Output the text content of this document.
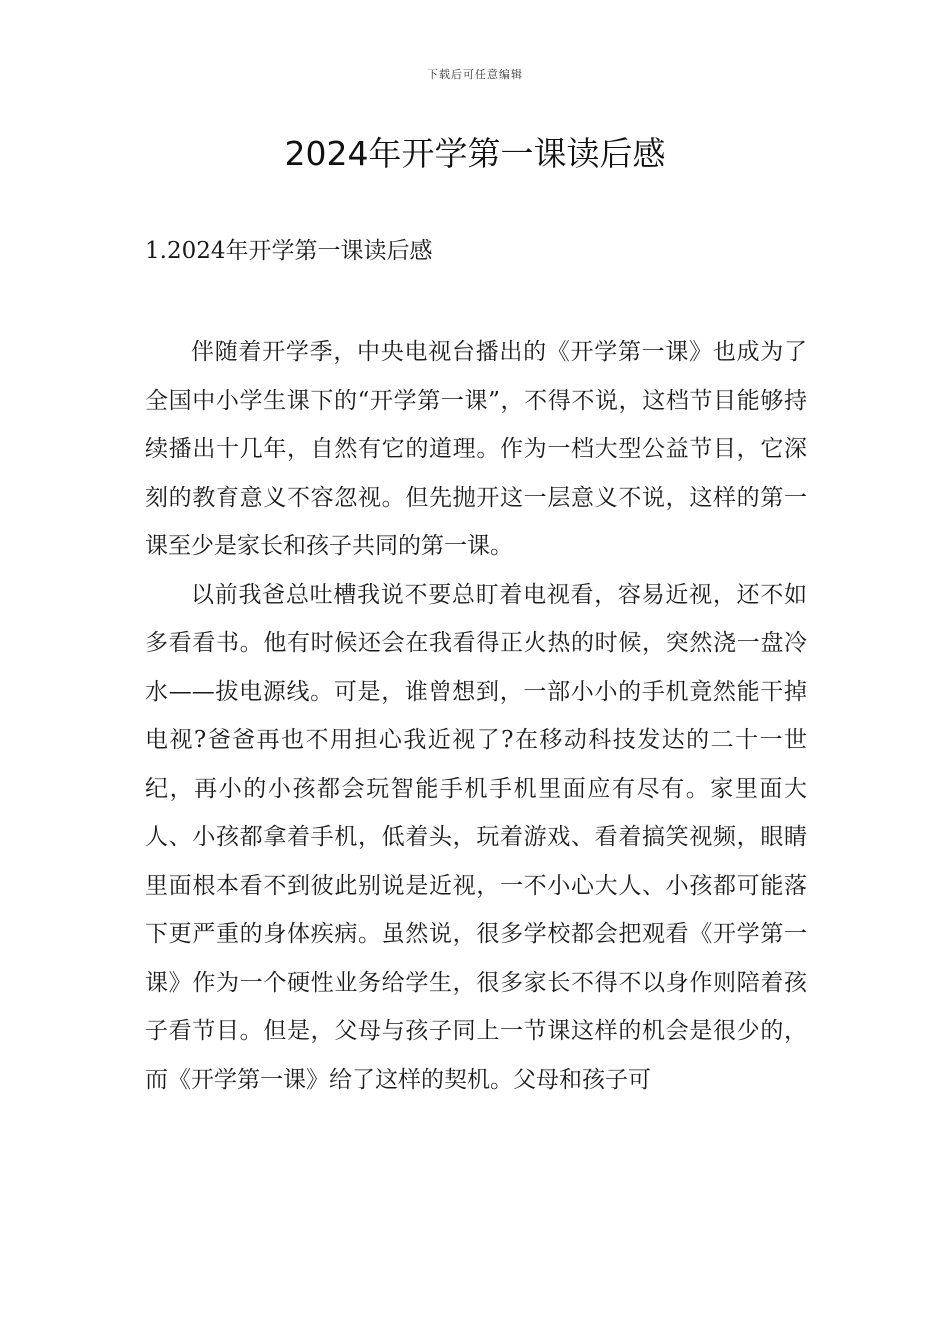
下载后可任意编辑
2024年开学第一课读后感
1.2024年开学第一课读后感

伴随着开学季，中央电视台播出的《开学第一课》也成为了全国中小学生课下的“开学第一课”，不得不说，这档节目能够持续播出十几年，自然有它的道理。作为一档大型公益节目，它深刻的教育意义不容忽视。但先抛开这一层意义不说，这样的第一课至少是家长和孩子共同的第一课。

以前我爸总吐槽我说不要总盯着电视看，容易近视，还不如多看看书。他有时候还会在我看得正火热的时候，突然浇一盘冷水——拔电源线。可是，谁曾想到，一部小小的手机竟然能干掉电视?爸爸再也不用担心我近视了?在移动科技发达的二十一世纪，再小的小孩都会玩智能手机手机里面应有尽有。家里面大人、小孩都拿着手机，低着头，玩着游戏、看着搞笑视频，眼睛里面根本看不到彼此别说是近视，一不小心大人、小孩都可能落下更严重的身体疾病。虽然说，很多学校都会把观看《开学第一课》作为一个硬性业务给学生，很多家长不得不以身作则陪着孩子看节目。但是，父母与孩子同上一节课这样的机会是很少的，而《开学第一课》给了这样的契机。父母和孩子可
